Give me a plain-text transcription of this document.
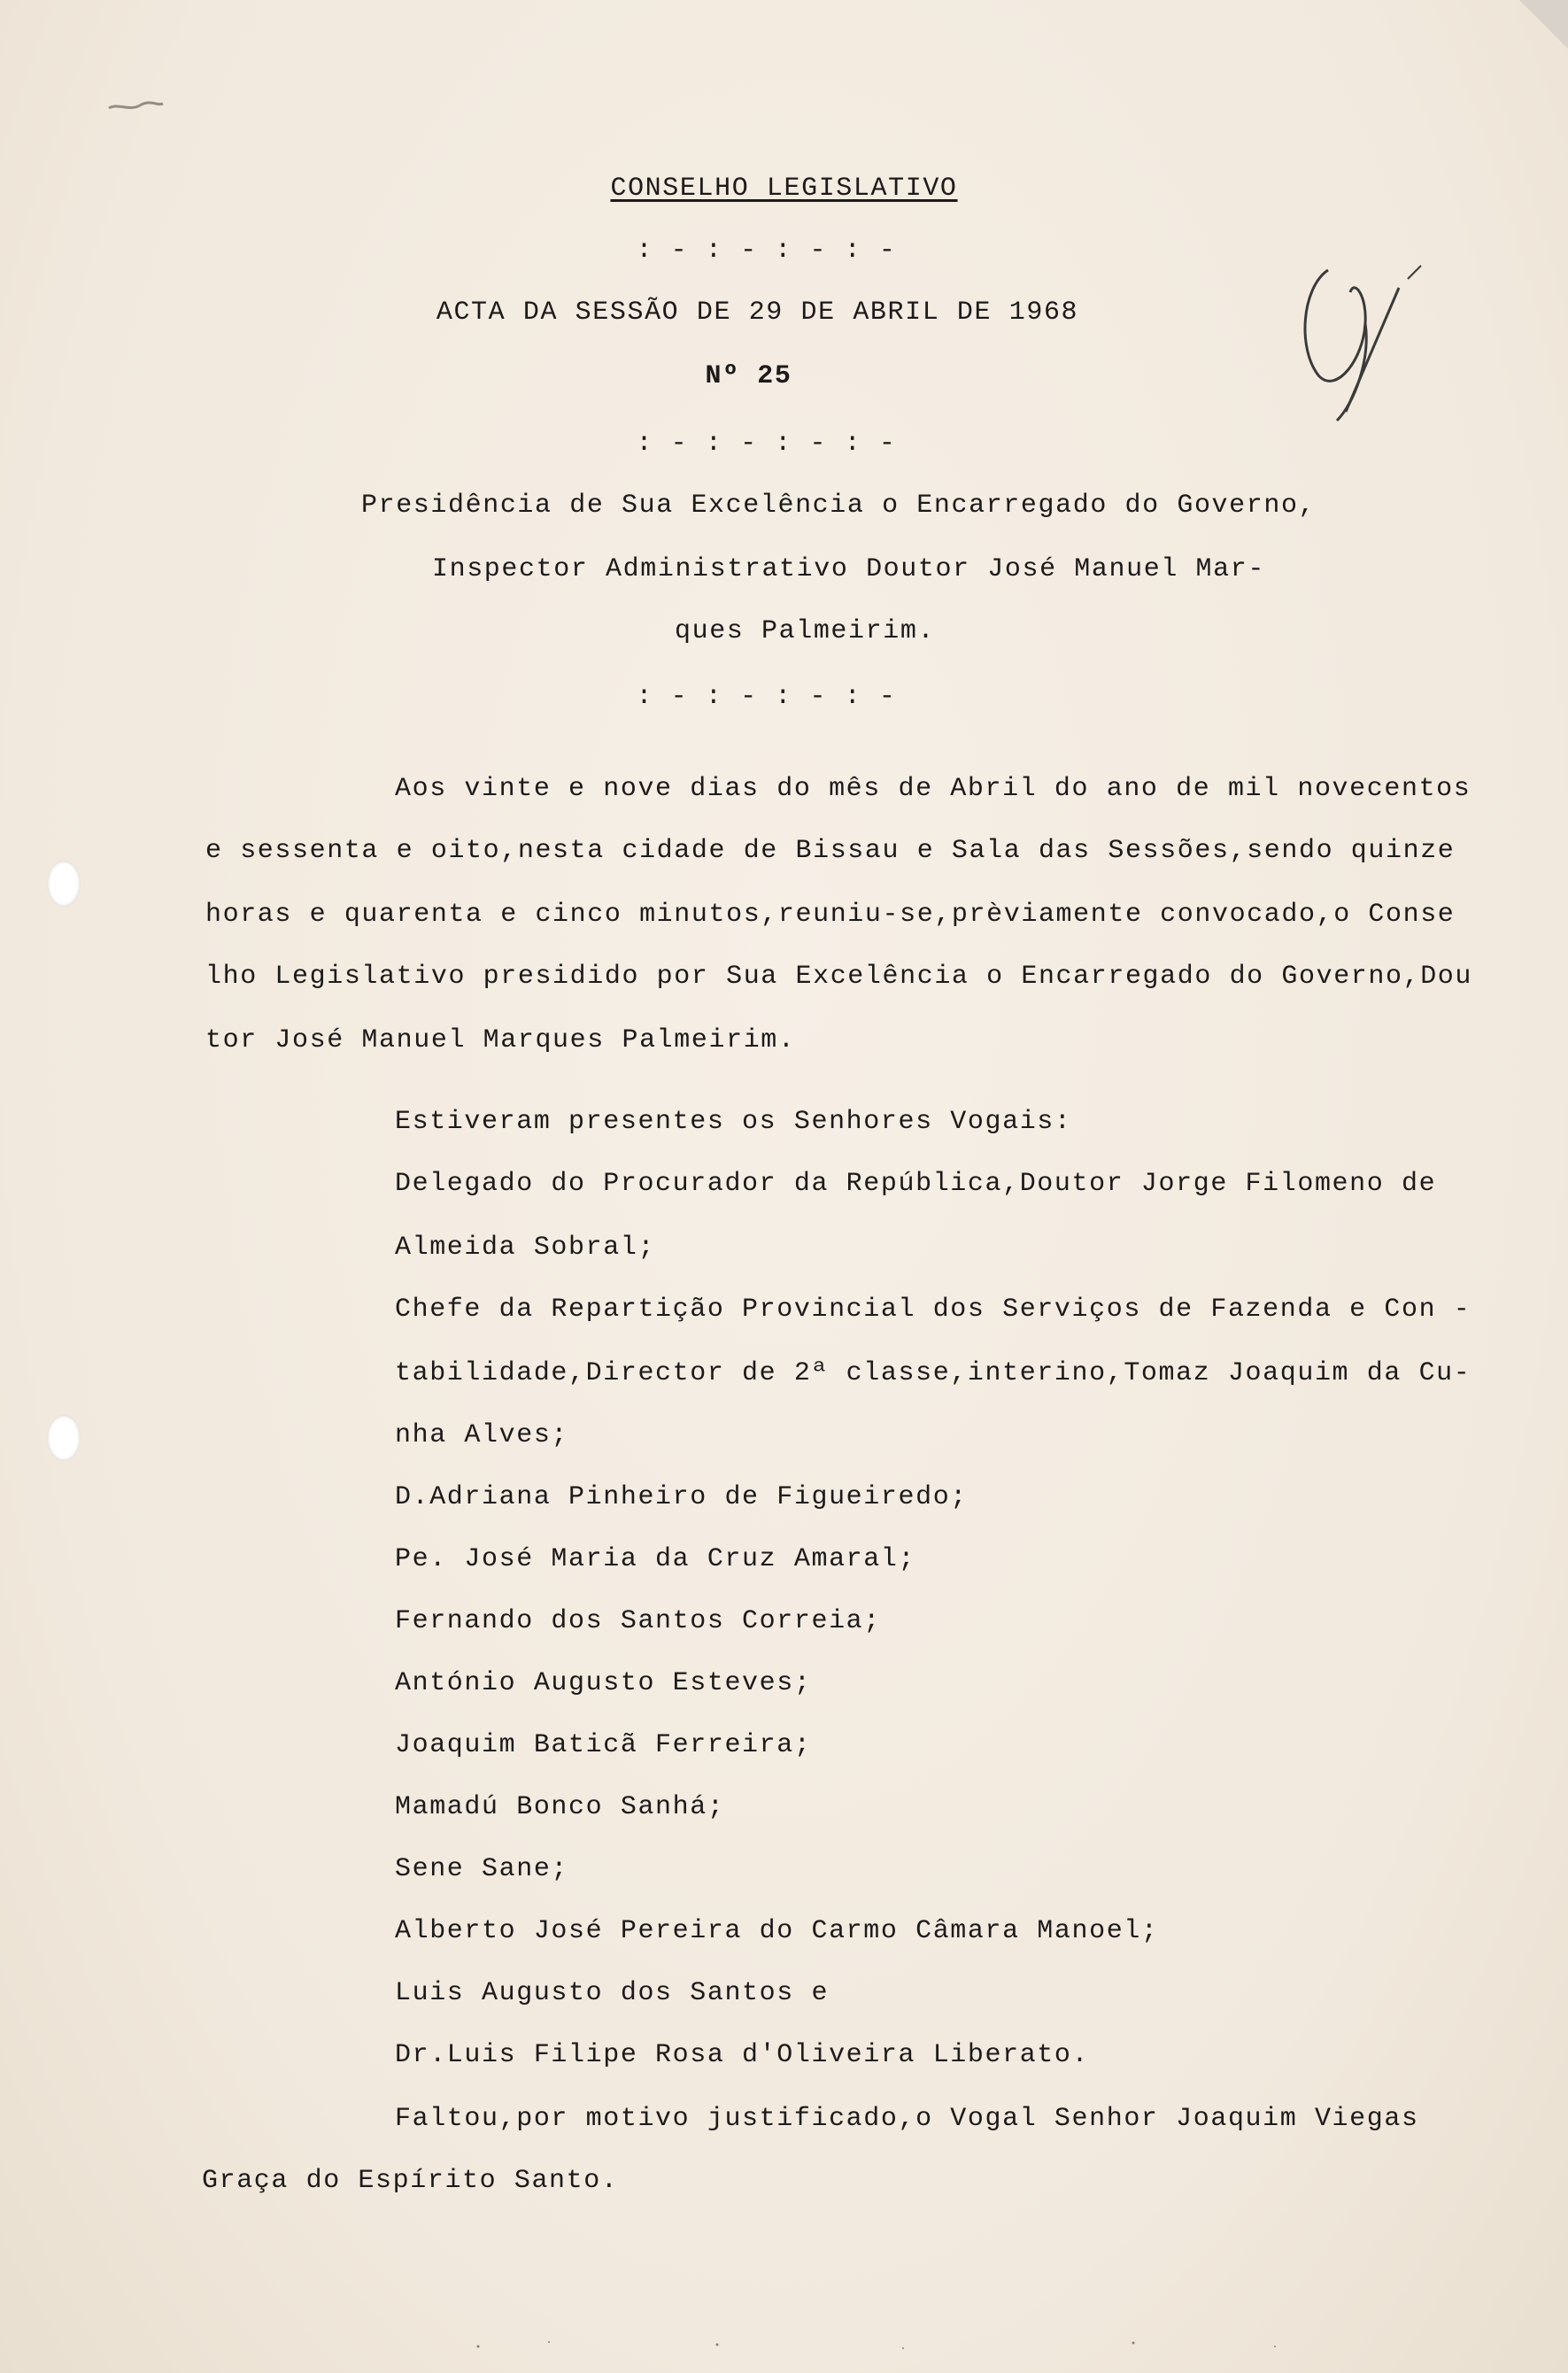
CONSELHO LEGISLATIVO
: - : - : - : -
ACTA DA SESSÃO DE 29 DE ABRIL DE 1968
Nº 25
: - : - : - : -
Presidência de Sua Excelência o Encarregado do Governo,
Inspector Administrativo Doutor José Manuel Mar-
ques Palmeirim.
: - : - : - : -
Aos vinte e nove dias do mês de Abril do ano de mil novecentos
e sessenta e oito,nesta cidade de Bissau e Sala das Sessões,sendo quinze
horas e quarenta e cinco minutos,reuniu-se,prèviamente convocado,o Conse
lho Legislativo presidido por Sua Excelência o Encarregado do Governo,Dou
tor José Manuel Marques Palmeirim.
Estiveram presentes os Senhores Vogais:
Delegado do Procurador da República,Doutor Jorge Filomeno de
Almeida Sobral;
Chefe da Repartição Provincial dos Serviços de Fazenda e Con -
tabilidade,Director de 2ª classe,interino,Tomaz Joaquim da Cu-
nha Alves;
D.Adriana Pinheiro de Figueiredo;
Pe. José Maria da Cruz Amaral;
Fernando dos Santos Correia;
António Augusto Esteves;
Joaquim Baticã Ferreira;
Mamadú Bonco Sanhá;
Sene Sane;
Alberto José Pereira do Carmo Câmara Manoel;
Luis Augusto dos Santos e
Dr.Luis Filipe Rosa d'Oliveira Liberato.
Faltou,por motivo justificado,o Vogal Senhor Joaquim Viegas
Graça do Espírito Santo.
